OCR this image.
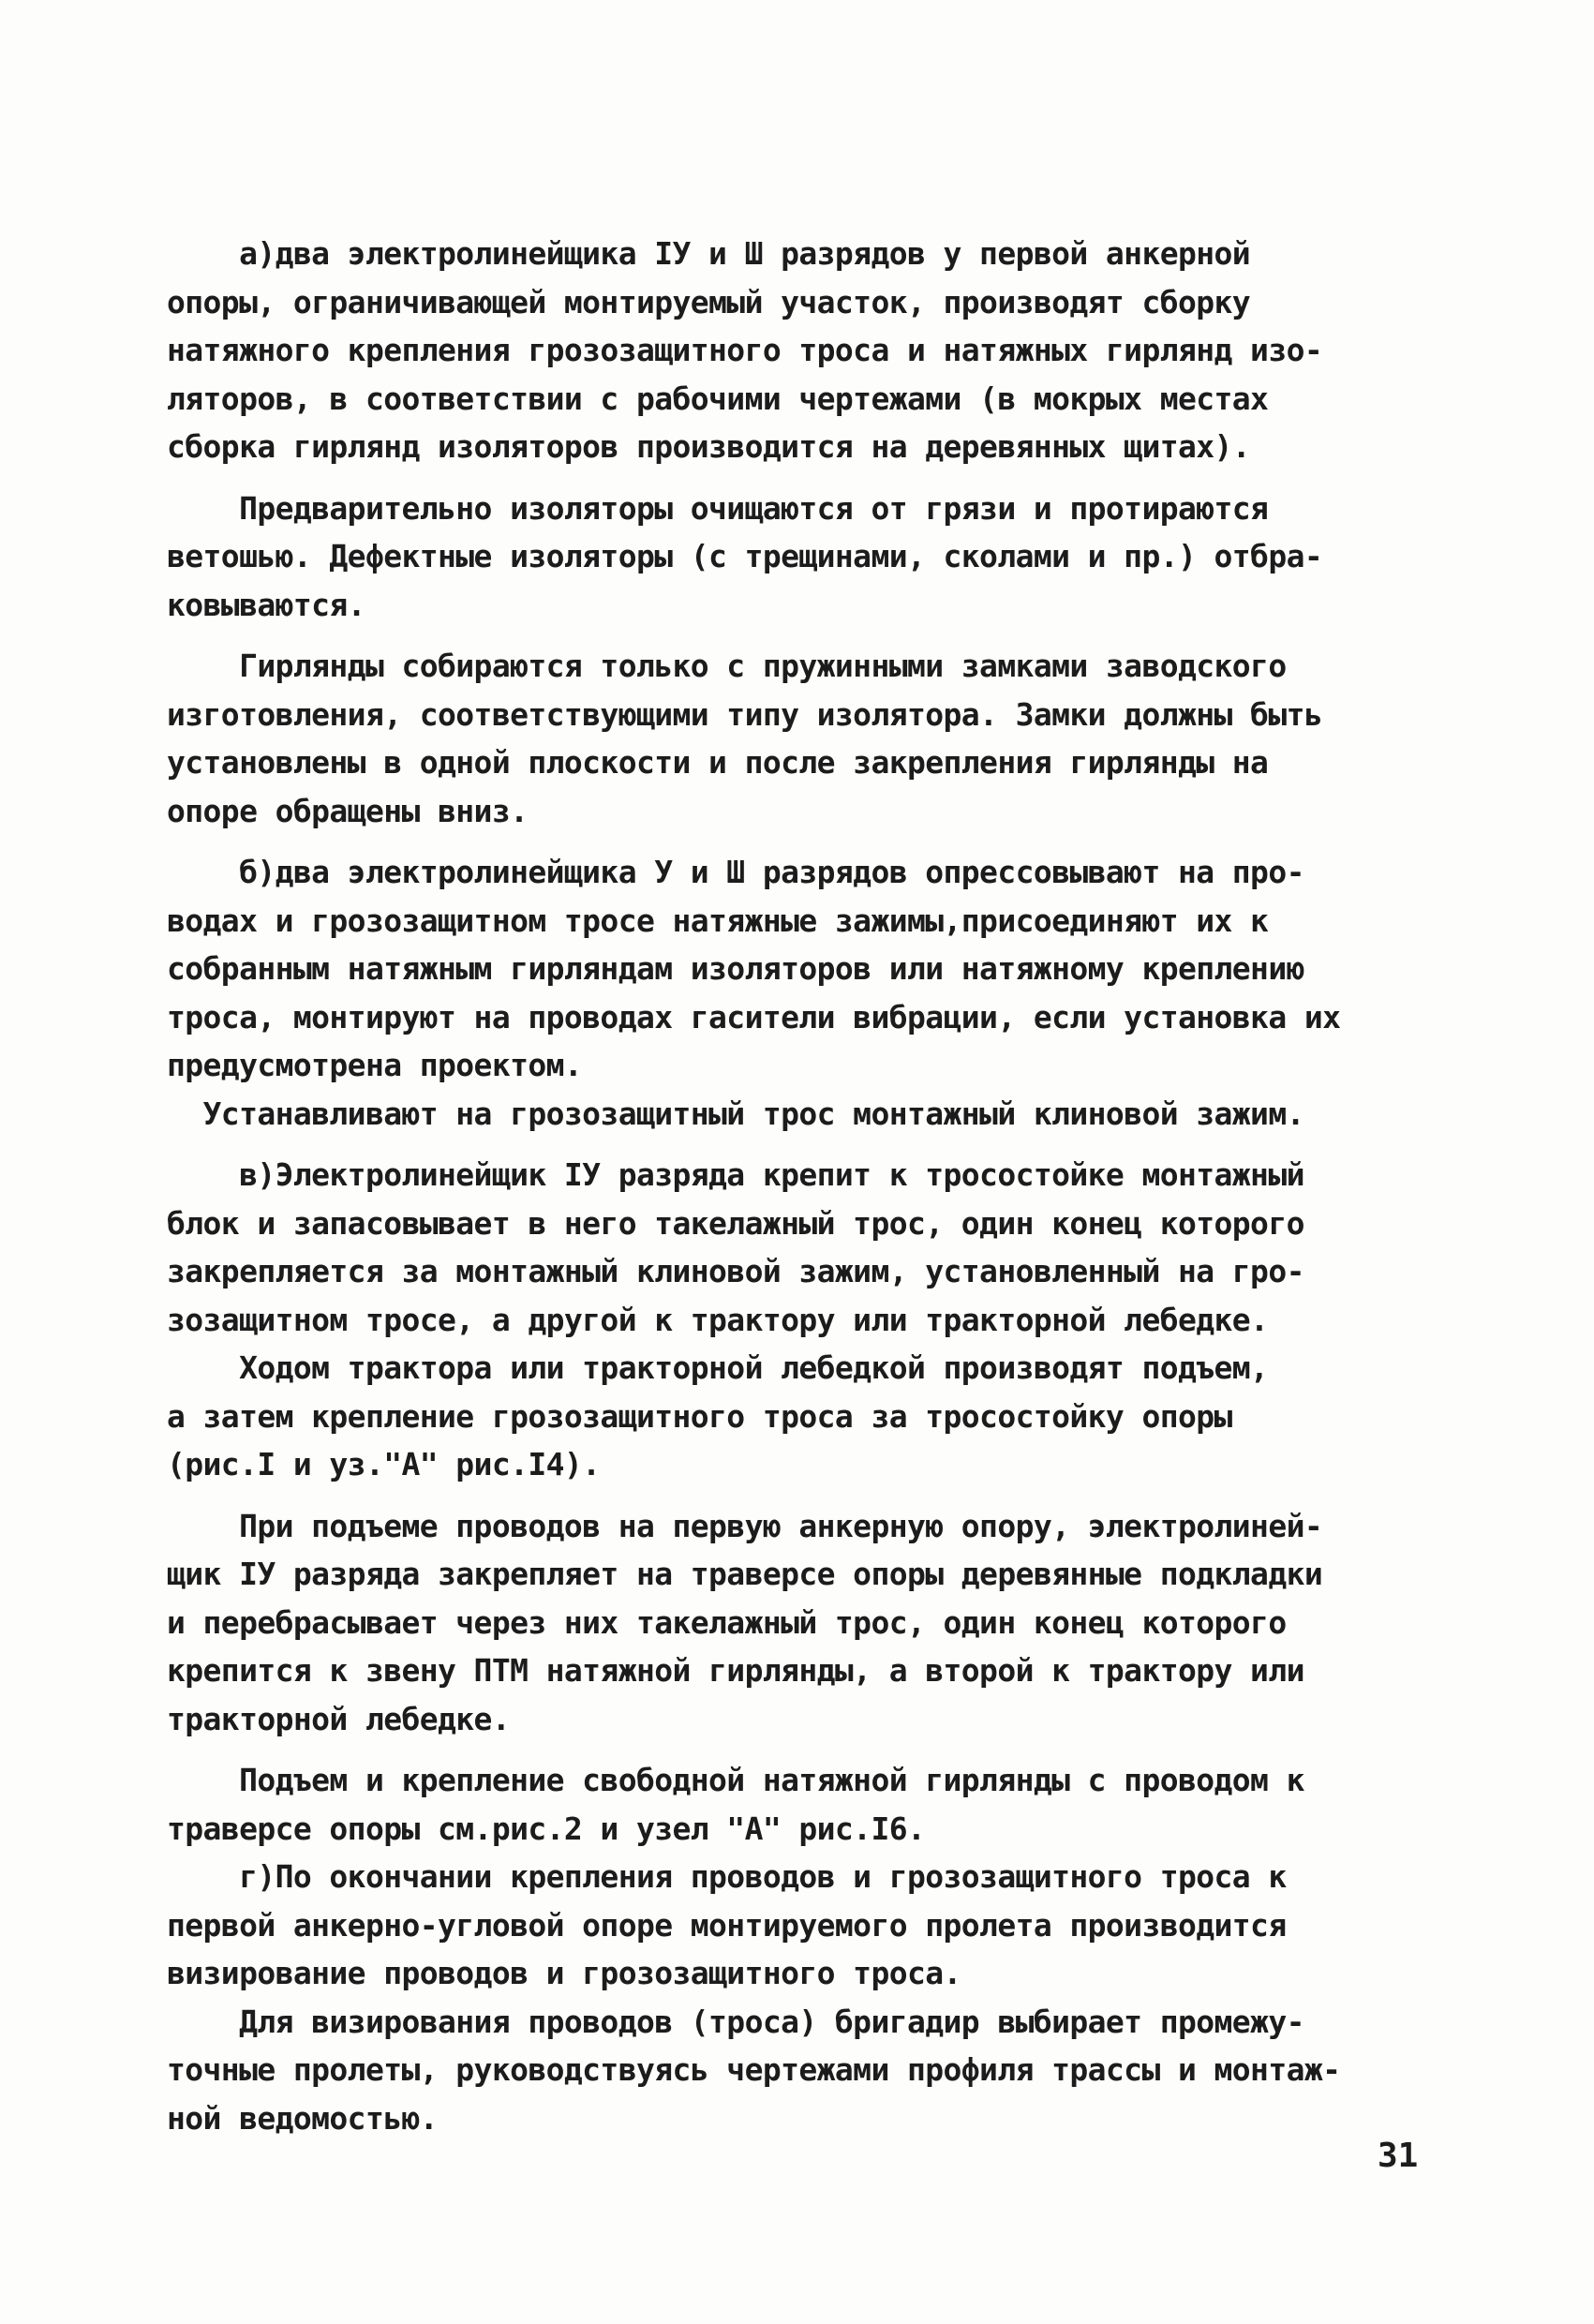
а)два электролинейщика IУ и Ш разрядов у первой анкерной
опоры, ограничивающей монтируемый участок, производят сборку
натяжного крепления грозозащитного троса и натяжных гирлянд изо-
ляторов, в соответствии с рабочими чертежами (в мокрых местах
сборка гирлянд изоляторов производится на деревянных щитах).
Предварительно изоляторы очищаются от грязи и протираются
ветошью. Дефектные изоляторы (с трещинами, сколами и пр.) отбра-
ковываются.
Гирлянды собираются только с пружинными замками заводского
изготовления, соответствующими типу изолятора. Замки должны быть
установлены в одной плоскости и после закрепления гирлянды на
опоре обращены вниз.
б)два электролинейщика У и Ш разрядов опрессовывают на про-
водах и грозозащитном тросе натяжные зажимы,присоединяют их к
собранным натяжным гирляндам изоляторов или натяжному креплению
троса, монтируют на проводах гасители вибрации, если установка их
предусмотрена проектом.
Устанавливают на грозозащитный трос монтажный клиновой зажим.
в)Электролинейщик IУ разряда крепит к тросостойке монтажный
блок и запасовывает в него такелажный трос, один конец которого
закрепляется за монтажный клиновой зажим, установленный на гро-
зозащитном тросе, а другой к трактору или тракторной лебедке.
Ходом трактора или тракторной лебедкой производят подъем,
а затем крепление грозозащитного троса за тросостойку опоры
(рис.I и уз."А" рис.I4).
При подъеме проводов на первую анкерную опору, электролиней-
щик IУ разряда закрепляет на траверсе опоры деревянные подкладки
и перебрасывает через них такелажный трос, один конец которого
крепится к звену ПТМ натяжной гирлянды, а второй к трактору или
тракторной лебедке.
Подъем и крепление свободной натяжной гирлянды с проводом к
траверсе опоры см.рис.2 и узел "А" рис.I6.
г)По окончании крепления проводов и грозозащитного троса к
первой анкерно-угловой опоре монтируемого пролета производится
визирование проводов и грозозащитного троса.
Для визирования проводов (троса) бригадир выбирает промежу-
точные пролеты, руководствуясь чертежами профиля трассы и монтаж-
ной ведомостью.
31
